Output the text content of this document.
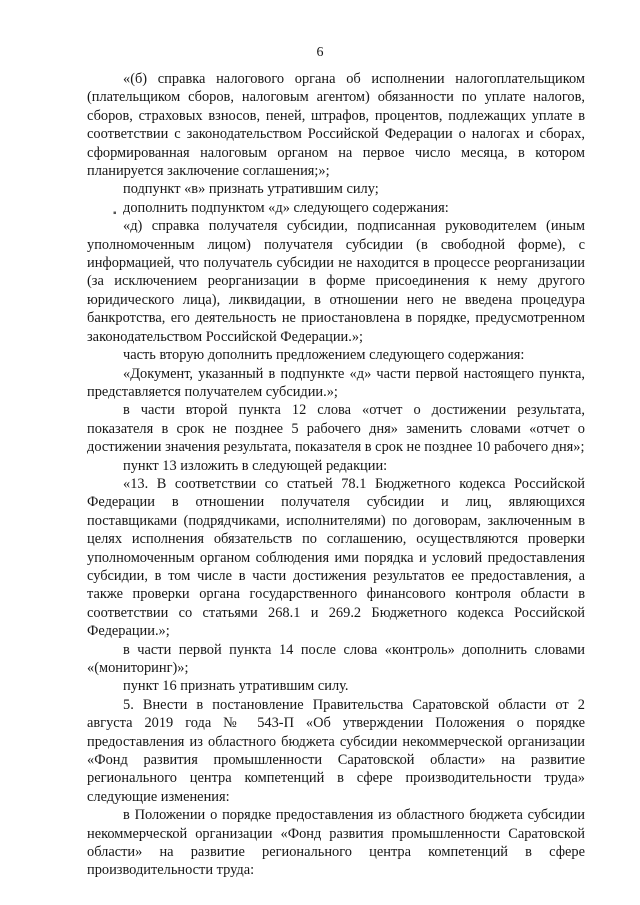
6
▪

«(б) справка налогового органа об исполнении налогоплательщиком (плательщиком сборов, налоговым агентом) обязанности по уплате налогов, сборов, страховых взносов, пеней, штрафов, процентов, подлежащих уплате в соответствии с законодательством Российской Федерации о налогах и сборах, сформированная налоговым органом на первое число месяца, в котором планируется заключение соглашения;»;

подпункт «в» признать утратившим силу;

дополнить подпунктом «д» следующего содержания:

«д) справка получателя субсидии, подписанная руководителем (иным уполномоченным лицом) получателя субсидии (в свободной форме), с информацией, что получатель субсидии не находится в процессе реорганизации (за исключением реорганизации в форме присоединения к нему другого юридического лица), ликвидации, в отношении него не введена процедура банкротства, его деятельность не приостановлена в порядке, предусмотренном законодательством Российской Федерации.»;

часть вторую дополнить предложением следующего содержания:

«Документ, указанный в подпункте «д» части первой настоящего пункта, представляется получателем субсидии.»;

в части второй пункта 12 слова «отчет о достижении результата, показателя в срок не позднее 5 рабочего дня» заменить словами «отчет о достижении значения результата, показателя в срок не позднее 10 рабочего дня»;

пункт 13 изложить в следующей редакции:

«13. В соответствии со статьей 78.1 Бюджетного кодекса Российской Федерации в отношении получателя субсидии и лиц, являющихся поставщиками (подрядчиками, исполнителями) по договорам, заключенным в целях исполнения обязательств по соглашению, осуществляются проверки уполномоченным органом соблюдения ими порядка и условий предоставления субсидии, в том числе в части достижения результатов ее предоставления, а также проверки органа государственного финансового контроля области в соответствии со статьями 268.1 и 269.2 Бюджетного кодекса Российской Федерации.»;

в части первой пункта 14 после слова «контроль» дополнить словами «(мониторинг)»;

пункт 16 признать утратившим силу.

5. Внести в постановление Правительства Саратовской области от 2 августа 2019 года № 543-П «Об утверждении Положения о порядке предоставления из областного бюджета субсидии некоммерческой организации «Фонд развития промышленности Саратовской области» на развитие регионального центра компетенций в сфере производительности труда» следующие изменения:

в Положении о порядке предоставления из областного бюджета субсидии некоммерческой организации «Фонд развития промышленности Саратовской области» на развитие регионального центра компетенций в сфере производительности труда:
